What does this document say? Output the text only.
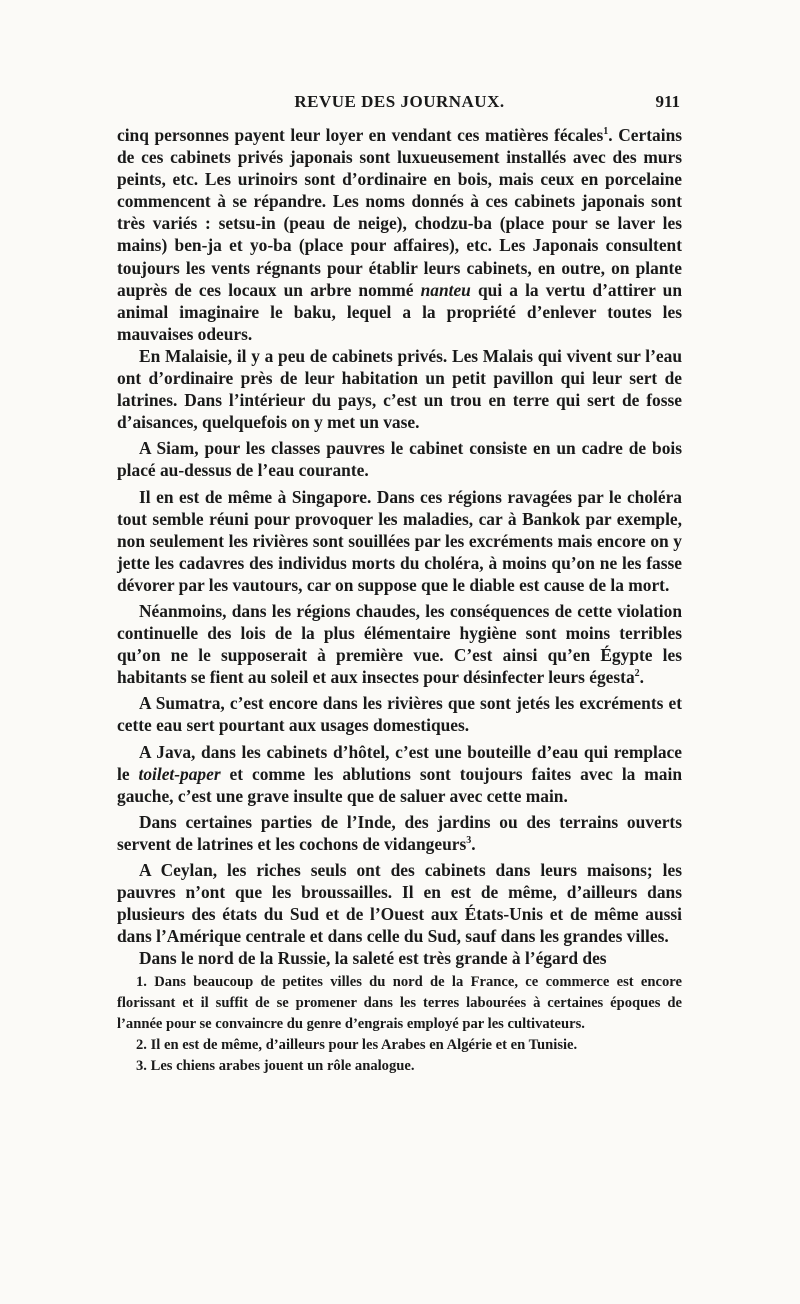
REVUE DES JOURNAUX.	911

cinq personnes payent leur loyer en vendant ces matières fécales$^1$. Certains de ces cabinets privés japonais sont luxueusement installés avec des murs peints, etc. Les urinoirs sont d’ordinaire en bois, mais ceux en porcelaine commencent à se répandre. Les noms donnés à ces cabinets japonais sont très variés : setsu-in (peau de neige), chodzu-ba (place pour se laver les mains) ben-ja et yo-ba (place pour affaires), etc. Les Japonais consultent toujours les vents régnants pour établir leurs cabinets, en outre, on plante auprès de ces locaux un arbre nommé nanteu qui a la vertu d’attirer un animal imaginaire le baku, lequel a la propriété d’enlever toutes les mauvaises odeurs.

En Malaisie, il y a peu de cabinets privés. Les Malais qui vivent sur l’eau ont d’ordinaire près de leur habitation un petit pavillon qui leur sert de latrines. Dans l’intérieur du pays, c’est un trou en terre qui sert de fosse d’aisances, quelquefois on y met un vase.

A Siam, pour les classes pauvres le cabinet consiste en un cadre de bois placé au-dessus de l’eau courante.

Il en est de même à Singapore. Dans ces régions ravagées par le choléra tout semble réuni pour provoquer les maladies, car à Bankok par exemple, non seulement les rivières sont souillées par les excréments mais encore on y jette les cadavres des individus morts du choléra, à moins qu’on ne les fasse dévorer par les vautours, car on suppose que le diable est cause de la mort.

Néanmoins, dans les régions chaudes, les conséquences de cette violation continuelle des lois de la plus élémentaire hygiène sont moins terribles qu’on ne le supposerait à première vue. C’est ainsi qu’en Égypte les habitants se fient au soleil et aux insectes pour désinfecter leurs égesta$^2$.

A Sumatra, c’est encore dans les rivières que sont jetés les excréments et cette eau sert pourtant aux usages domestiques.

A Java, dans les cabinets d’hôtel, c’est une bouteille d’eau qui remplace le toilet-paper et comme les ablutions sont toujours faites avec la main gauche, c’est une grave insulte que de saluer avec cette main.

Dans certaines parties de l’Inde, des jardins ou des terrains ouverts servent de latrines et les cochons de vidangeurs$^3$.

A Ceylan, les riches seuls ont des cabinets dans leurs maisons; les pauvres n’ont que les broussailles. Il en est de même, d’ailleurs dans plusieurs des états du Sud et de l’Ouest aux États-Unis et de même aussi dans l’Amérique centrale et dans celle du Sud, sauf dans les grandes villes.

Dans le nord de la Russie, la saleté est très grande à l’égard des

1. Dans beaucoup de petites villes du nord de la France, ce commerce est encore florissant et il suffit de se promener dans les terres labourées à certaines époques de l’année pour se convaincre du genre d’engrais employé par les cultivateurs.

2. Il en est de même, d’ailleurs pour les Arabes en Algérie et en Tunisie.

3. Les chiens arabes jouent un rôle analogue.
